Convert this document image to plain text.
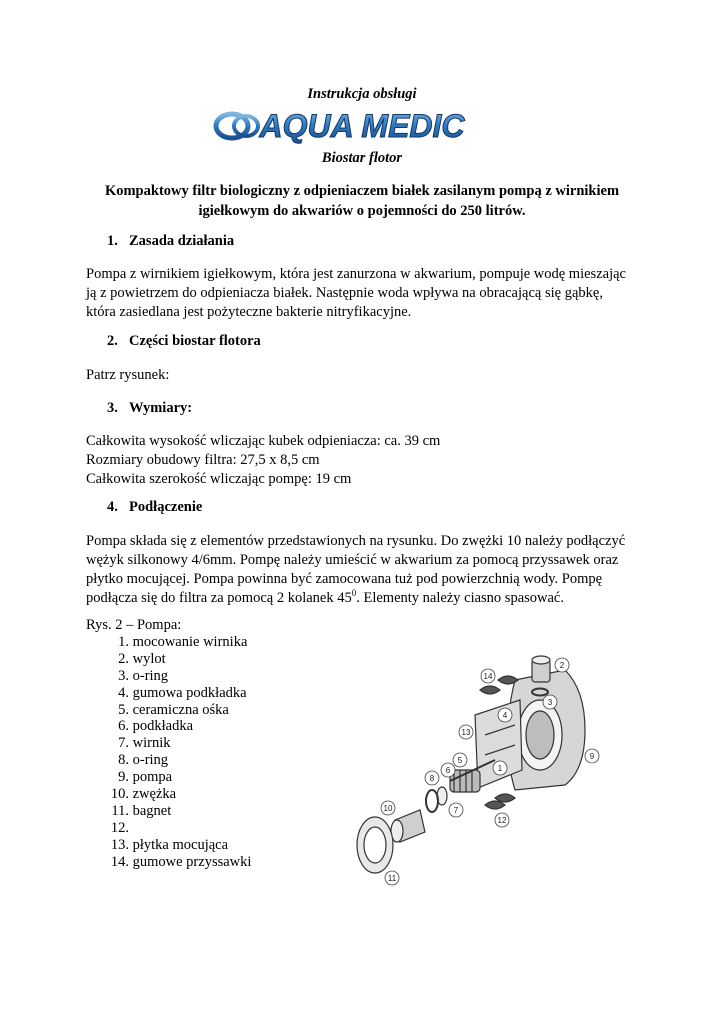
Instrukcja obsługi
AQUA MEDIC
Biostar flotor
Kompaktowy filtr biologiczny z odpieniaczem białek zasilanym pompą z wirnikiem
igiełkowym do akwariów o pojemności do 250 litrów.
1. Zasada działania
Pompa z wirnikiem igiełkowym, która jest zanurzona w akwarium, pompuje wodę mieszając
ją z powietrzem do odpieniacza białek. Następnie woda wpływa na obracającą się gąbkę,
która zasiedlana jest pożyteczne bakterie nitryfikacyjne.
2. Części biostar flotora
Patrz rysunek:
3. Wymiary:
Całkowita wysokość wliczając kubek odpieniacza: ca. 39 cm
Rozmiary obudowy filtra: 27,5 x 8,5 cm
Całkowita szerokość wliczając pompę: 19 cm
4. Podłączenie
Pompa składa się z elementów przedstawionych na rysunku. Do zwężki 10 należy podłączyć
wężyk silkonowy 4/6mm. Pompę należy umieścić w akwarium za pomocą przyssawek oraz
płytko mocującej. Pompa powinna być zamocowana tuż pod powierzchnią wody. Pompę
podłącza się do filtra za pomocą 2 kolanek $45^0$. Elementy należy ciasno spasować.
Rys. 2 – Pompa:
1. mocowanie wirnika
2. wylot
3. o-ring
4. gumowa podkładka
5. ceramiczna ośka
6. podkładka
7. wirnik
8. o-ring
9. pompa
10. zwężka
11. bagnet
12.
13. płytka mocująca
14. gumowe przyssawki
1
2
3
4
5
6
7
8
9
10
11
12
13
14
